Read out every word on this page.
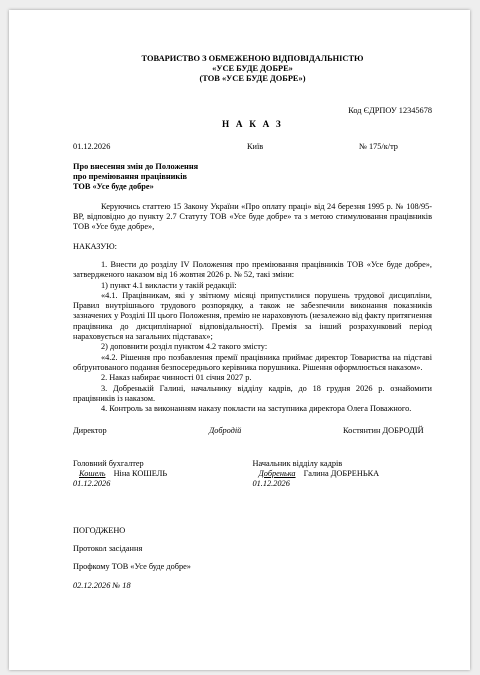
ТОВАРИСТВО З ОБМЕЖЕНОЮ ВІДПОВІДАЛЬНІСТЮ
«УСЕ БУДЕ ДОБРЕ»
(ТОВ «УСЕ БУДЕ ДОБРЕ»)
Код ЄДРПОУ 12345678
Н А К А З
01.12.2026	Київ	№ 175/к/тр
Про внесення змін до Положення
про преміювання працівників
ТОВ «Усе буде добре»
Керуючись статтею 15 Закону України «Про оплату праці» від 24 березня 1995 р. № 108/95-ВР, відповідно до пункту 2.7 Статуту ТОВ «Усе буде добре» та з метою стимулювання працівників ТОВ «Усе буде добре»,
НАКАЗУЮ:

1. Внести до розділу IV Положення про преміювання працівників ТОВ «Усе буде добре», затвердженого наказом від 16 жовтня 2026 р. № 52, такі зміни:

1) пункт 4.1 викласти у такій редакції:

«4.1. Працівникам, які у звітному місяці припустилися порушень трудової дисципліни, Правил внутрішнього трудового розпорядку, а також не забезпечили виконання показників зазначених у Розділі ІІІ цього Положення, премію не нараховують (незалежно від факту притягнення працівника до дисциплінарної відповідальності). Премія за інший розрахунковий період нараховується на загальних підставах»;

2) доповнити розділ пунктом 4.2 такого змісту:

«4.2. Рішення про позбавлення премії працівника приймає директор Товариства на підставі обґрунтованого подання безпосереднього керівника порушника. Рішення оформлюється наказом».

2. Наказ набирає чинності 01 січня 2027 р.

3. Добренькій Галині, начальнику відділу кадрів, до 18 грудня 2026 р. ознайомити працівників із наказом.

4. Контроль за виконанням наказу покласти на заступника директора Олега Поважного.

Директор	Добродій	Костянтин ДОБРОДІЙ

Головний бухгалтер

Кошель Ніна КОШЕЛЬ

01.12.2026

Начальник відділу кадрів

Добренька Галина ДОБРЕНЬКА

01.12.2026

ПОГОДЖЕНО

Протокол засідання

Профкому ТОВ «Усе буде добре»

02.12.2026 № 18
